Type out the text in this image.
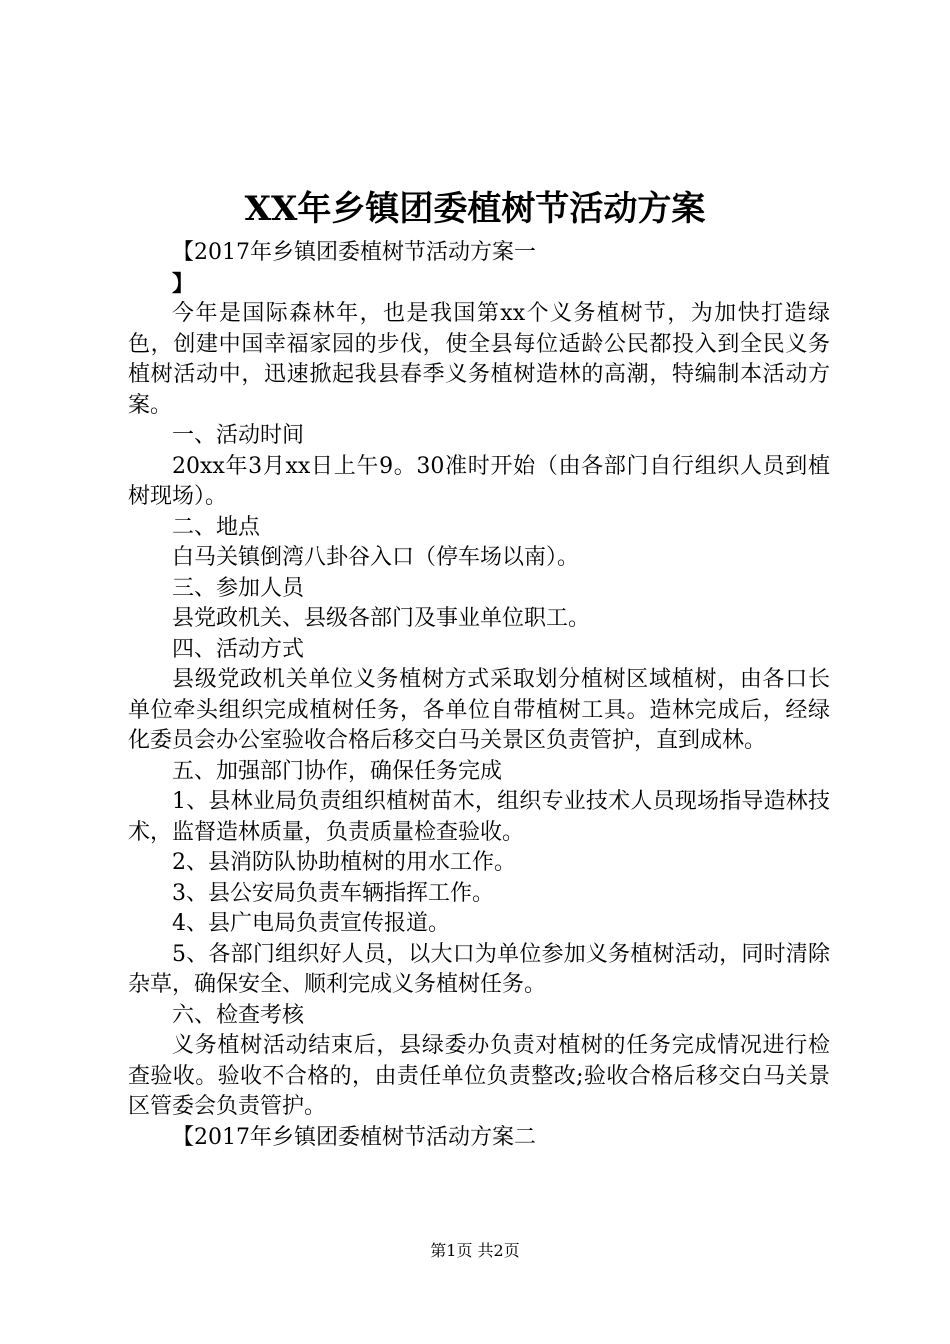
XX年乡镇团委植树节活动方案

【2017年乡镇团委植树节活动方案一

】

今年是国际森林年，也是我国第xx个义务植树节，为加快打造绿色，创建中国幸福家园的步伐，使全县每位适龄公民都投入到全民义务植树活动中，迅速掀起我县春季义务植树造林的高潮，特编制本活动方案。

一、活动时间

20xx年3月xx日上午9。30准时开始（由各部门自行组织人员到植树现场）。

二、地点

白马关镇倒湾八卦谷入口（停车场以南）。

三、参加人员

县党政机关、县级各部门及事业单位职工。

四、活动方式

县级党政机关单位义务植树方式采取划分植树区域植树，由各口长单位牵头组织完成植树任务，各单位自带植树工具。造林完成后，经绿化委员会办公室验收合格后移交白马关景区负责管护，直到成林。

五、加强部门协作，确保任务完成

1、县林业局负责组织植树苗木，组织专业技术人员现场指导造林技术，监督造林质量，负责质量检查验收。

2、县消防队协助植树的用水工作。

3、县公安局负责车辆指挥工作。

4、县广电局负责宣传报道。

5、各部门组织好人员，以大口为单位参加义务植树活动，同时清除杂草，确保安全、顺利完成义务植树任务。

六、检查考核

义务植树活动结束后，县绿委办负责对植树的任务完成情况进行检查验收。验收不合格的，由责任单位负责整改;验收合格后移交白马关景区管委会负责管护。

【2017年乡镇团委植树节活动方案二

第1页 共2页
